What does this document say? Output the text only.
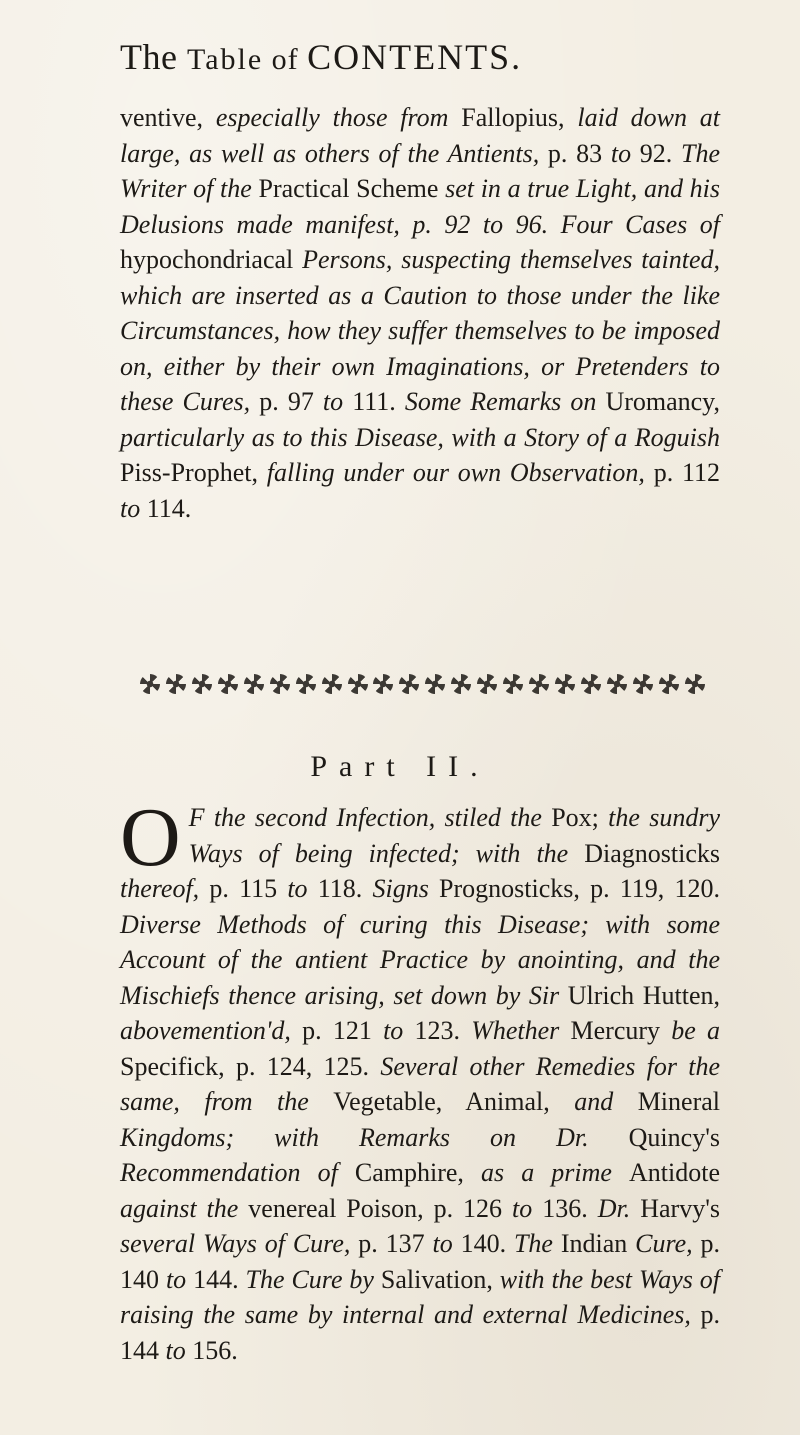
The Table of CONTENTS.
ventive, especially those from Fallopius, laid down at large, as well as others of the Antients, p. 83 to 92. The Writer of the Practical Scheme set in a true Light, and his Delusions made manifest, p. 92 to 96. Four Cases of hypochondriacal Persons, suspecting themselves tainted, which are inserted as a Caution to those under the like Circumstances, how they suffer themselves to be imposed on, either by their own Imaginations, or Pretenders to these Cures, p. 97 to 111. Some Remarks on Uromancy, particularly as to this Disease, with a Story of a Roguish Piss-Prophet, falling under our own Observation, p. 112 to 114.
Part II.
O F the second Infection, stiled the Pox; the sundry Ways of being infected; with the Diagnosticks thereof, p. 115 to 118. Signs Prognosticks, p. 119, 120. Diverse Methods of curing this Disease; with some Account of the antient Practice by anointing, and the Mischiefs thence arising, set down by Sir Ulrich Hutten, abovemention'd, p. 121 to 123. Whether Mercury be a Specifick, p. 124, 125. Several other Remedies for the same, from the Vegetable, Animal, and Mineral Kingdoms; with Remarks on Dr. Quincy's Recommendation of Camphire, as a prime Antidote against the venereal Poison, p. 126 to 136. Dr. Harvy's several Ways of Cure, p. 137 to 140. The Indian Cure, p. 140 to 144. The Cure by Salivation, with the best Ways of raising the same by internal and external Medicines, p. 144 to 156.
